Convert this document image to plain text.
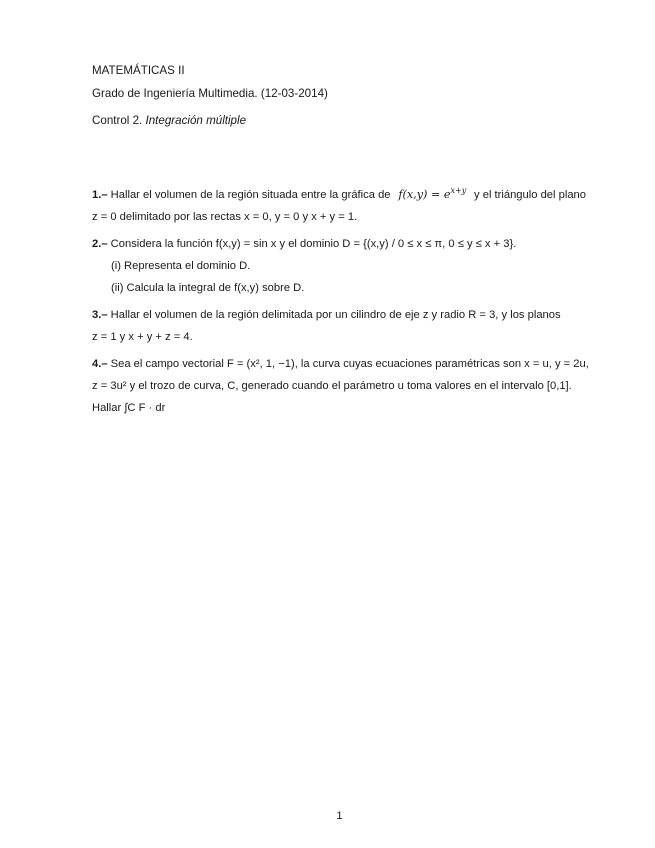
MATEMÁTICAS II
Grado de Ingeniería Multimedia. (12-03-2014)
Control 2. Integración múltiple
1.– Hallar el volumen de la región situada entre la gráfica de $f(x,y) = e^{x+y}$ y el triángulo del plano
z = 0 delimitado por las rectas x = 0, y = 0 y x + y = 1.
2.–
Considera la función f(x,y) = sin x y el dominio D = {(x,y) / 0 ≤ x ≤ π, 0 ≤ y ≤ x + 3}.
(i) Representa el dominio D.
(ii) Calcula la integral de f(x,y) sobre D.
3.–
Hallar el volumen de la región delimitada por un cilindro de eje z y radio R = 3, y los planos
z = 1 y x + y + z = 4.
4.–
Sea el campo vectorial F = (x², 1, −1), la curva cuyas ecuaciones paramétricas son x = u, y = 2u,
z = 3u² y el trozo de curva, C, generado cuando el parámetro u toma valores en el intervalo [0,1].
Hallar ∫C F · dr
1
